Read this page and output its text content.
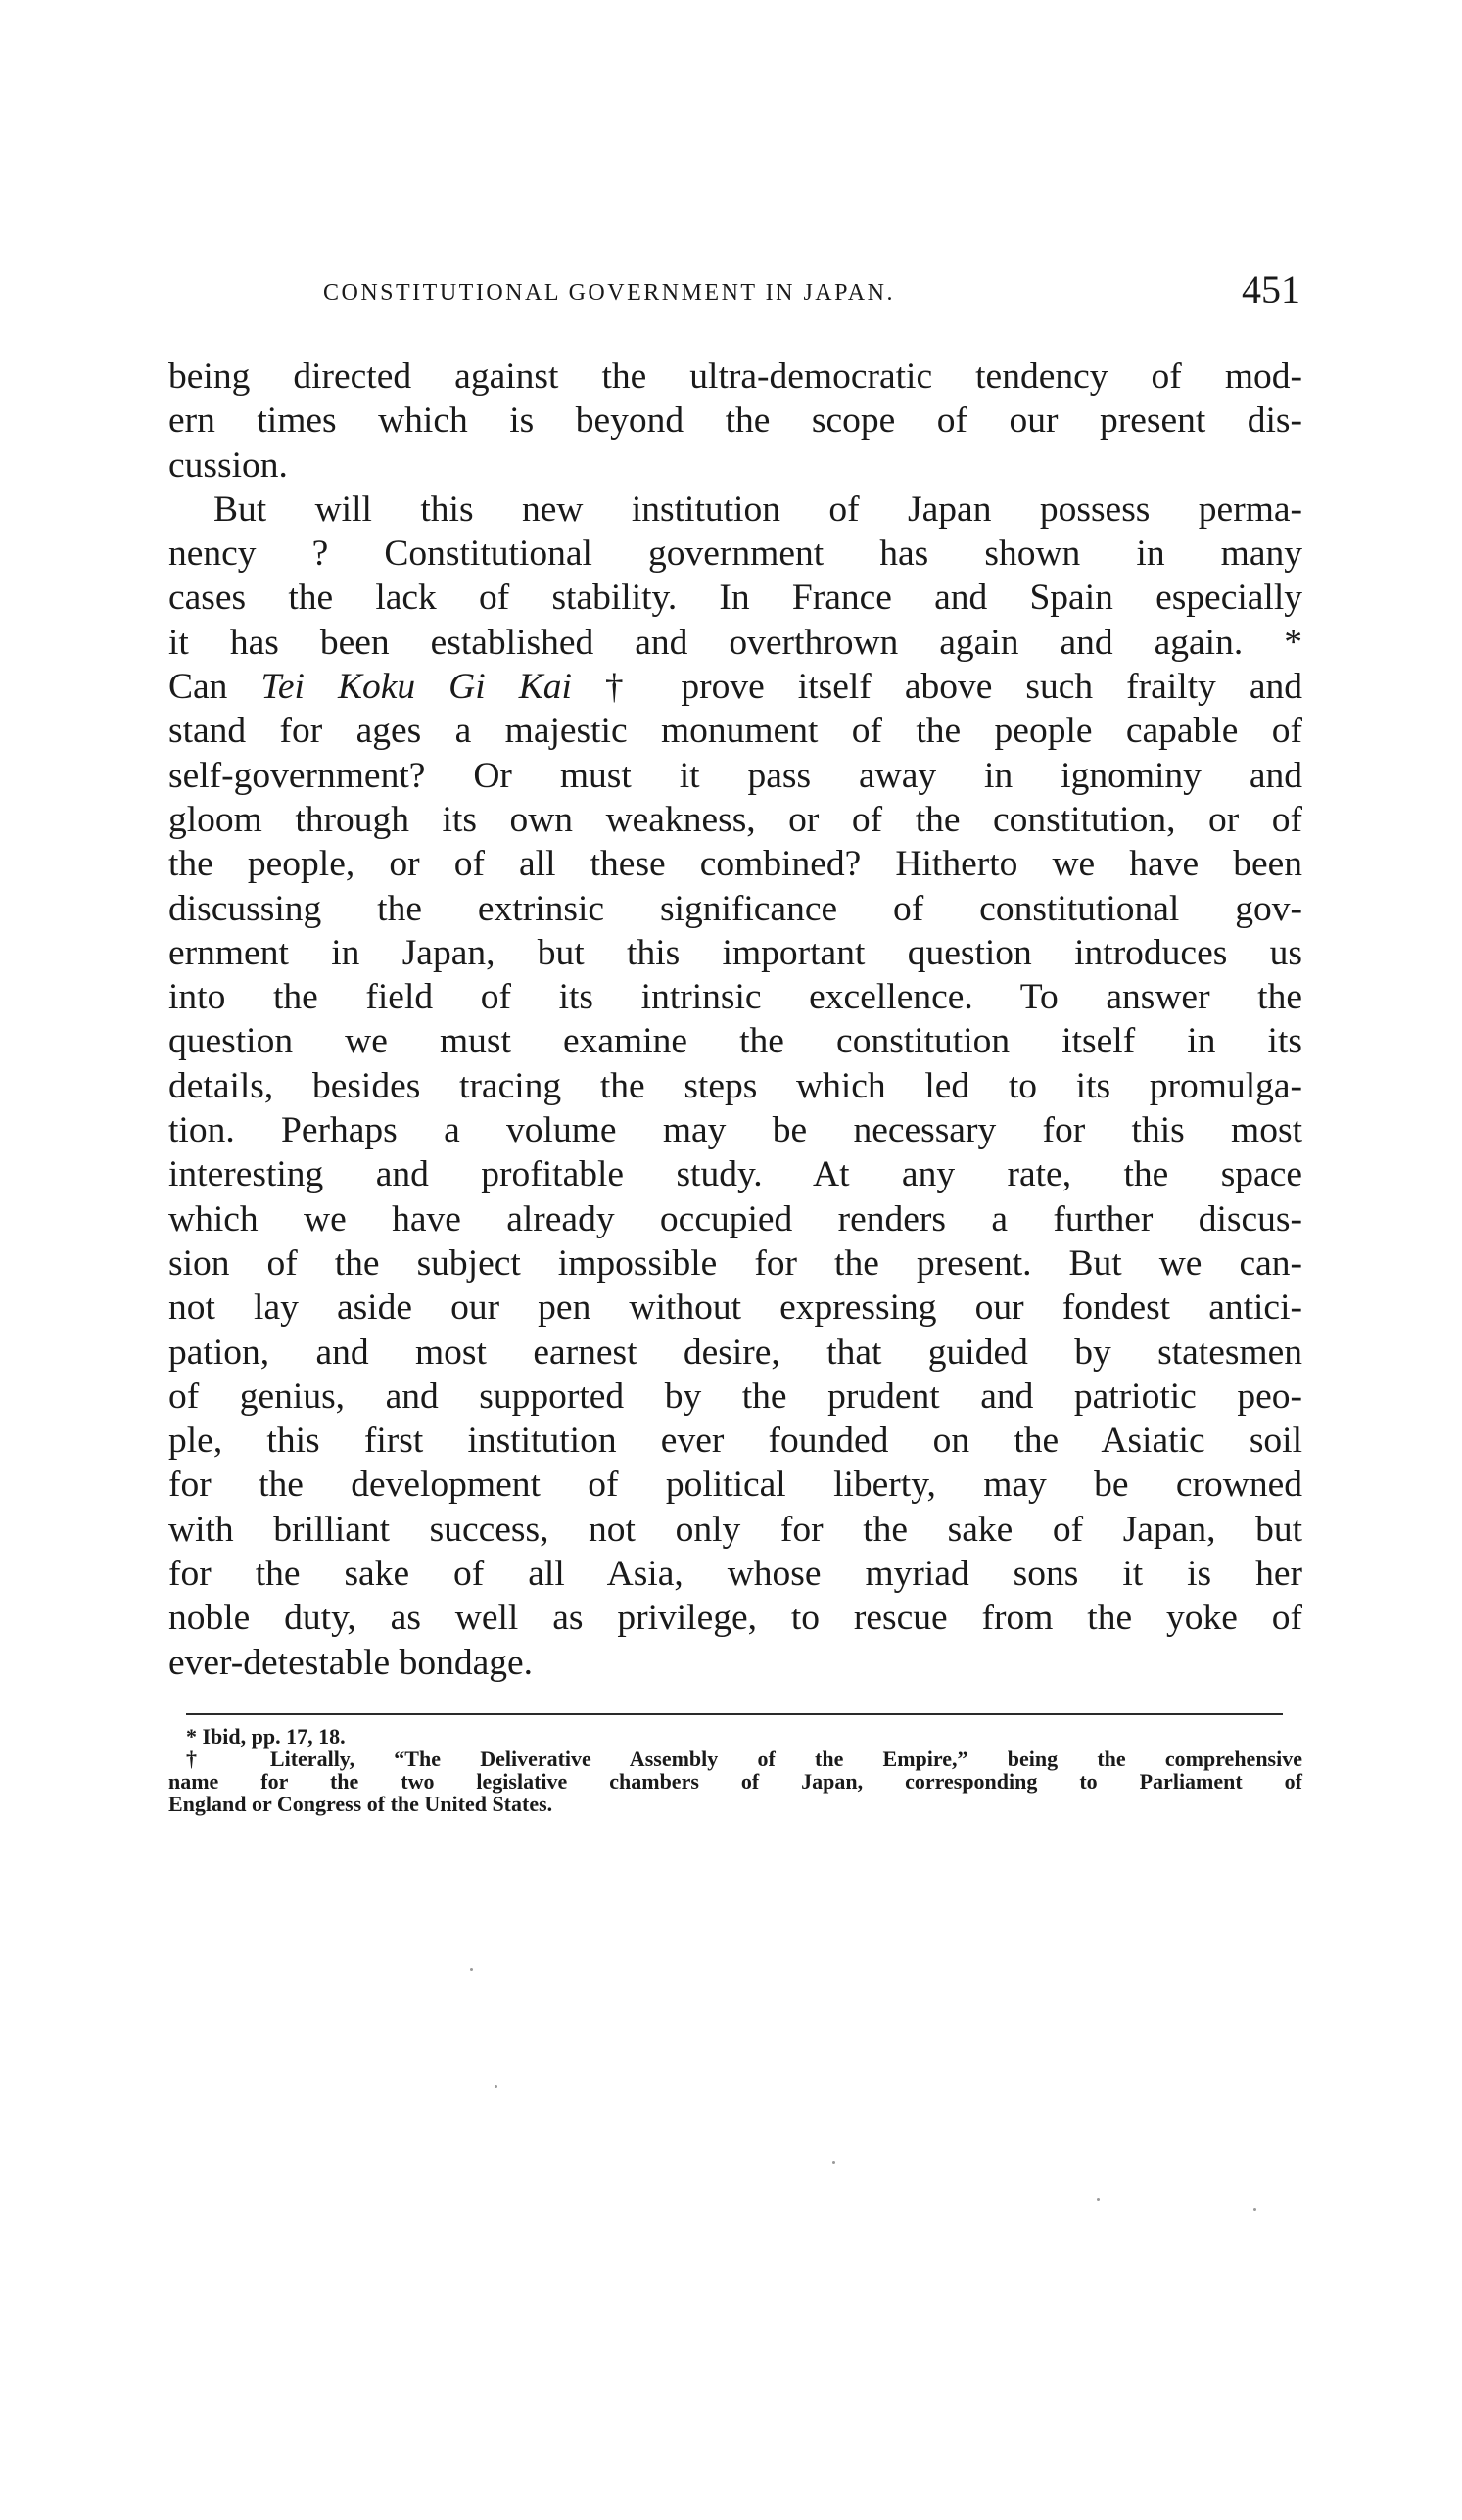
CONSTITUTIONAL GOVERNMENT IN JAPAN.	451
being directed against the ultra-democratic tendency of mod-
ern times which is beyond the scope of our present dis-
cussion.
But will this new institution of Japan possess perma-
nency ? Constitutional government has shown in many
cases the lack of stability. In France and Spain especially
it has been established and overthrown again and again. *
Can Tei Koku Gi Kai † prove itself above such frailty and
stand for ages a majestic monument of the people capable of
self-government? Or must it pass away in ignominy and
gloom through its own weakness, or of the constitution, or of
the people, or of all these combined? Hitherto we have been
discussing the extrinsic significance of constitutional gov-
ernment in Japan, but this important question introduces us
into the field of its intrinsic excellence. To answer the
question we must examine the constitution itself in its
details, besides tracing the steps which led to its promulga-
tion. Perhaps a volume may be necessary for this most
interesting and profitable study. At any rate, the space
which we have already occupied renders a further discus-
sion of the subject impossible for the present. But we can-
not lay aside our pen without expressing our fondest antici-
pation, and most earnest desire, that guided by statesmen
of genius, and supported by the prudent and patriotic peo-
ple, this first institution ever founded on the Asiatic soil
for the development of political liberty, may be crowned
with brilliant success, not only for the sake of Japan, but
for the sake of all Asia, whose myriad sons it is her
noble duty, as well as privilege, to rescue from the yoke of
ever-detestable bondage.
* Ibid, pp. 17, 18.
† Literally, “The Deliverative Assembly of the Empire,” being the comprehensive
name for the two legislative chambers of Japan, corresponding to Parliament of
England or Congress of the United States.
